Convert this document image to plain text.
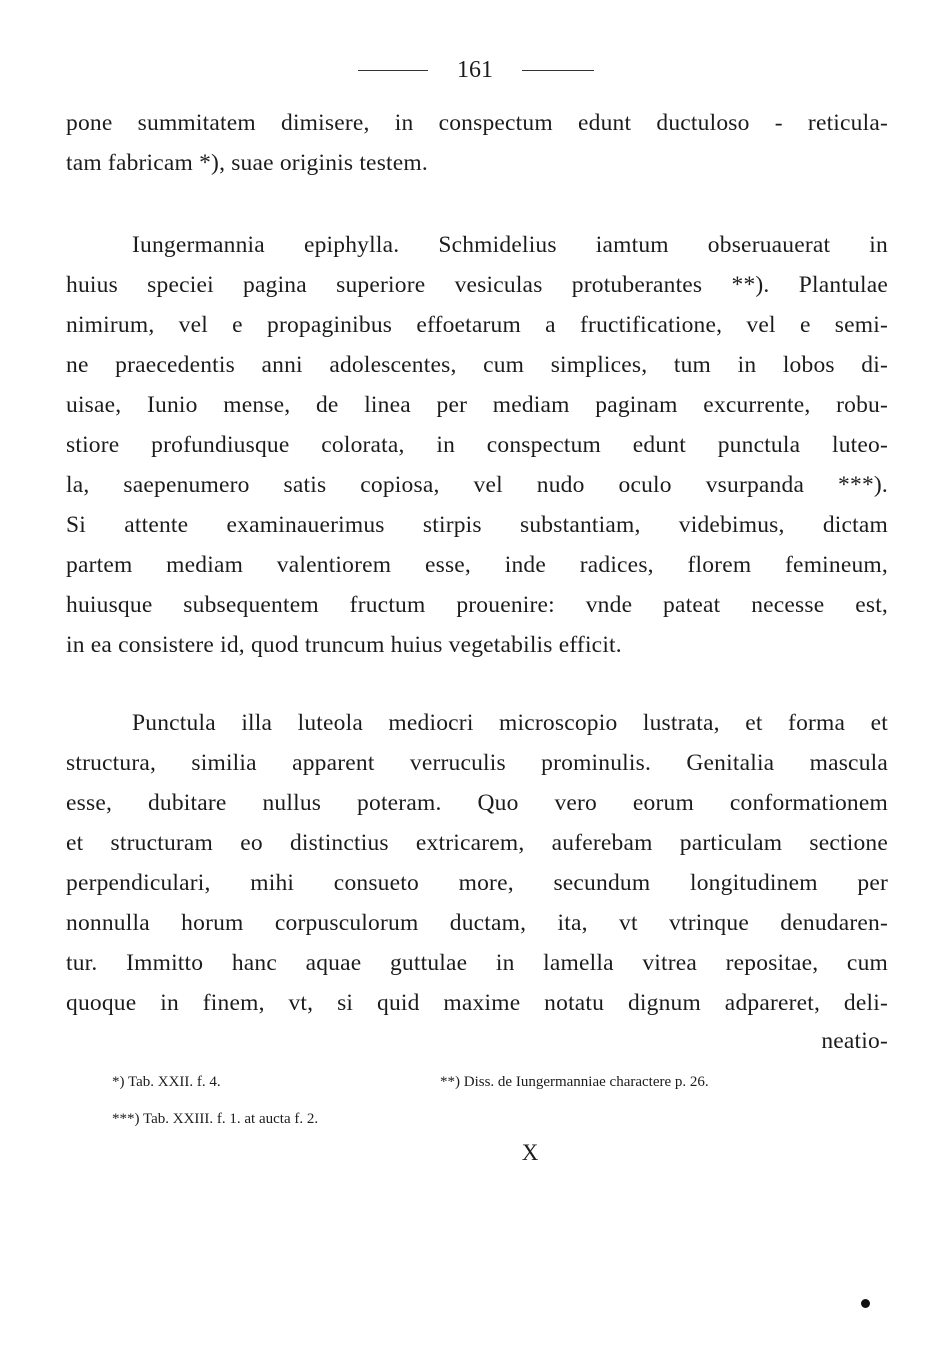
161
pone summitatem dimisere, in conspectum edunt ductuloso - reticula-
tam fabricam *), suae originis testem.
Iungermannia epiphylla. Schmidelius iamtum obseruauerat in
huius speciei pagina superiore vesiculas protuberantes **). Plantulae
nimirum, vel e propaginibus effoetarum a fructificatione, vel e semi-
ne praecedentis anni adolescentes, cum simplices, tum in lobos di-
uisae, Iunio mense, de linea per mediam paginam excurrente, robu-
stiore profundiusque colorata, in conspectum edunt punctula luteo-
la, saepenumero satis copiosa, vel nudo oculo vsurpanda ***).
Si attente examinauerimus stirpis substantiam, videbimus, dictam
partem mediam valentiorem esse, inde radices, florem femineum,
huiusque subsequentem fructum prouenire: vnde pateat necesse est,
in ea consistere id, quod truncum huius vegetabilis efficit.
Punctula illa luteola mediocri microscopio lustrata, et forma et
structura, similia apparent verruculis prominulis. Genitalia mascula
esse, dubitare nullus poteram. Quo vero eorum conformationem
et structuram eo distinctius extricarem, auferebam particulam sectione
perpendiculari, mihi consueto more, secundum longitudinem per
nonnulla horum corpusculorum ductam, ita, vt vtrinque denudaren-
tur. Immitto hanc aquae guttulae in lamella vitrea repositae, cum
quoque in finem, vt, si quid maxime notatu dignum adpareret, deli-
neatio-
*) Tab. XXII. f. 4.	**) Diss. de Iungermanniae charactere p. 26.
***) Tab. XXIII. f. 1. at aucta f. 2.
X
